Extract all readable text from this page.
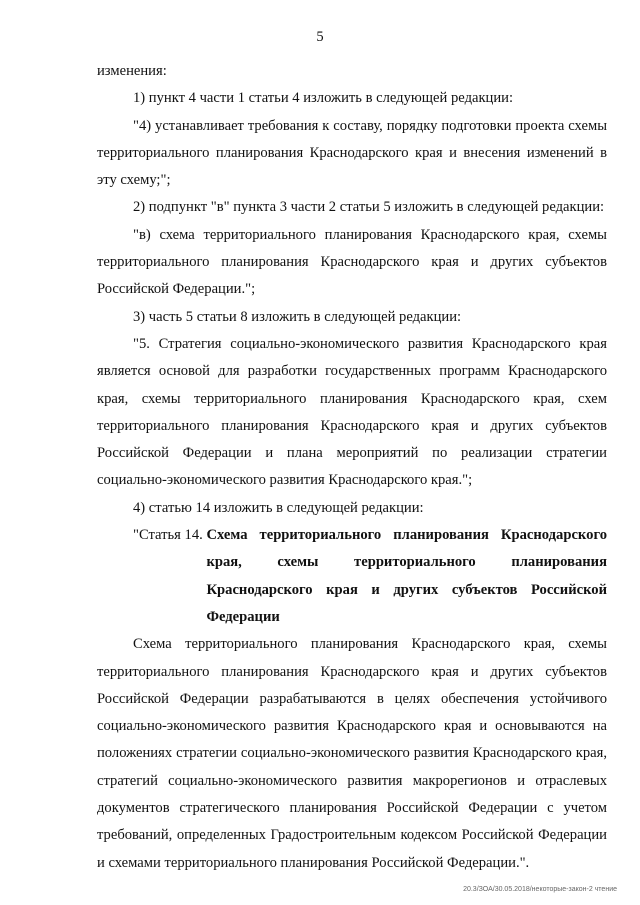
5

изменения:

1) пункт 4 части 1 статьи 4 изложить в следующей редакции:

"4) устанавливает требования к составу, порядку подготовки проекта схемы территориального планирования Краснодарского края и внесения изменений в эту схему;";

2) подпункт "в" пункта 3 части 2 статьи 5 изложить в следующей редакции:

"в) схема территориального планирования Краснодарского края, схемы территориального планирования Краснодарского края и других субъектов Российской Федерации.";

3) часть 5 статьи 8 изложить в следующей редакции:

"5. Стратегия социально-экономического развития Краснодарского края является основой для разработки государственных программ Краснодарского края, схемы территориального планирования Краснодарского края, схем территориального планирования Краснодарского края и других субъектов Российской Федерации и плана мероприятий по реализации стратегии социально-экономического развития Краснодарского края.";

4) статью 14 изложить в следующей редакции:

"Статья 14. Схема территориального планирования Краснодарского края, схемы территориального планирования Краснодарского края и других субъектов Российской Федерации

Схема территориального планирования Краснодарского края, схемы территориального планирования Краснодарского края и других субъектов Российской Федерации разрабатываются в целях обеспечения устойчивого социально-экономического развития Краснодарского края и основываются на положениях стратегии социально-экономического развития Краснодарского края, стратегий социально-экономического развития макрорегионов и отраслевых документов стратегического планирования Российской Федерации с учетом требований, определенных Градостроительным кодексом Российской Федерации и схемами территориального планирования Российской Федерации.".

20.3/ЗОА/30.05.2018/некоторые-закон-2 чтение
